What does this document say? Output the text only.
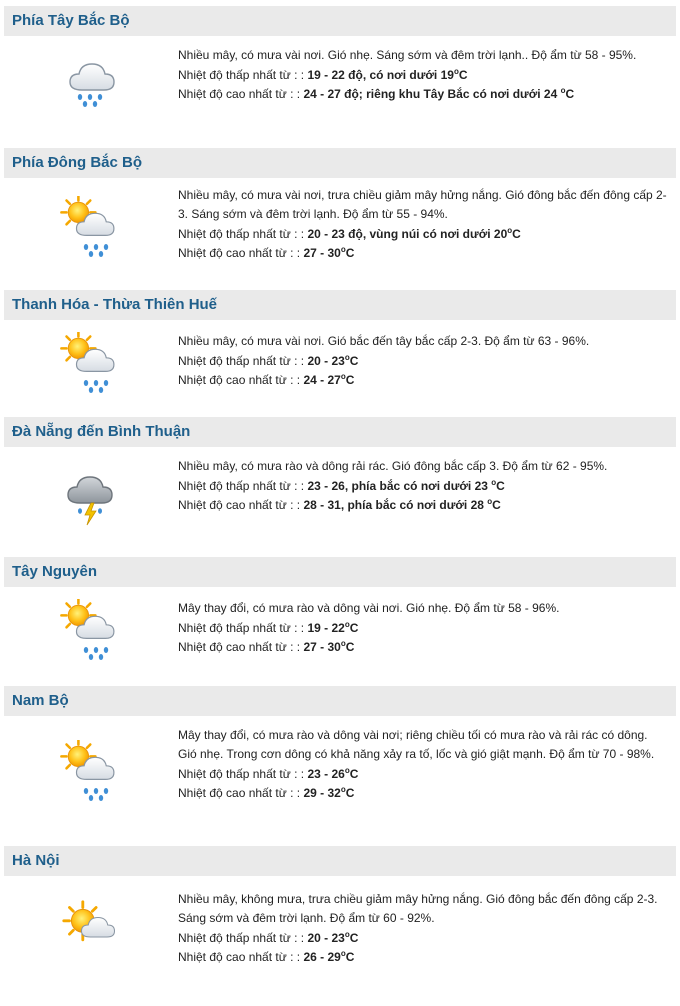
Phía Tây Bắc Bộ

Nhiều mây, có mưa vài nơi. Gió nhẹ. Sáng sớm và đêm trời lạnh.. Độ ẩm từ 58 - 95%.

Nhiệt độ thấp nhất từ : : 19 - 22 độ, có nơi dưới 19$^o$C

Nhiệt độ cao nhất từ : : 24 - 27 độ; riêng khu Tây Bắc có nơi dưới 24 $^o$C

Phía Đông Bắc Bộ

Nhiều mây, có mưa vài nơi, trưa chiều giảm mây hửng nắng. Gió đông bắc đến đông cấp 2-3. Sáng sớm và đêm trời lạnh. Độ ẩm từ 55 - 94%.

Nhiệt độ thấp nhất từ : : 20 - 23 độ, vùng núi có nơi dưới 20$^o$C

Nhiệt độ cao nhất từ : : 27 - 30$^o$C

Thanh Hóa - Thừa Thiên Huế

Nhiều mây, có mưa vài nơi. Gió bắc đến tây bắc cấp 2-3. Độ ẩm từ 63 - 96%.

Nhiệt độ thấp nhất từ : : 20 - 23$^o$C

Nhiệt độ cao nhất từ : : 24 - 27$^o$C

Đà Nẵng đến Bình Thuận

Nhiều mây, có mưa rào và dông rải rác. Gió đông bắc cấp 3. Độ ẩm từ 62 - 95%.

Nhiệt độ thấp nhất từ : : 23 - 26, phía bắc có nơi dưới 23 $^o$C

Nhiệt độ cao nhất từ : : 28 - 31, phía bắc có nơi dưới 28 $^o$C

Tây Nguyên

Mây thay đổi, có mưa rào và dông vài nơi. Gió nhẹ. Độ ẩm từ 58 - 96%.

Nhiệt độ thấp nhất từ : : 19 - 22$^o$C

Nhiệt độ cao nhất từ : : 27 - 30$^o$C

Nam Bộ

Mây thay đổi, có mưa rào và dông vài nơi; riêng chiều tối có mưa rào và rải rác có dông. Gió nhẹ. Trong cơn dông có khả năng xảy ra tố, lốc và gió giật mạnh. Độ ẩm từ 70 - 98%.

Nhiệt độ thấp nhất từ : : 23 - 26$^o$C

Nhiệt độ cao nhất từ : : 29 - 32$^o$C

Hà Nội

Nhiều mây, không mưa, trưa chiều giảm mây hửng nắng. Gió đông bắc đến đông cấp 2-3. Sáng sớm và đêm trời lạnh. Độ ẩm từ 60 - 92%.

Nhiệt độ thấp nhất từ : : 20 - 23$^o$C

Nhiệt độ cao nhất từ : : 26 - 29$^o$C
